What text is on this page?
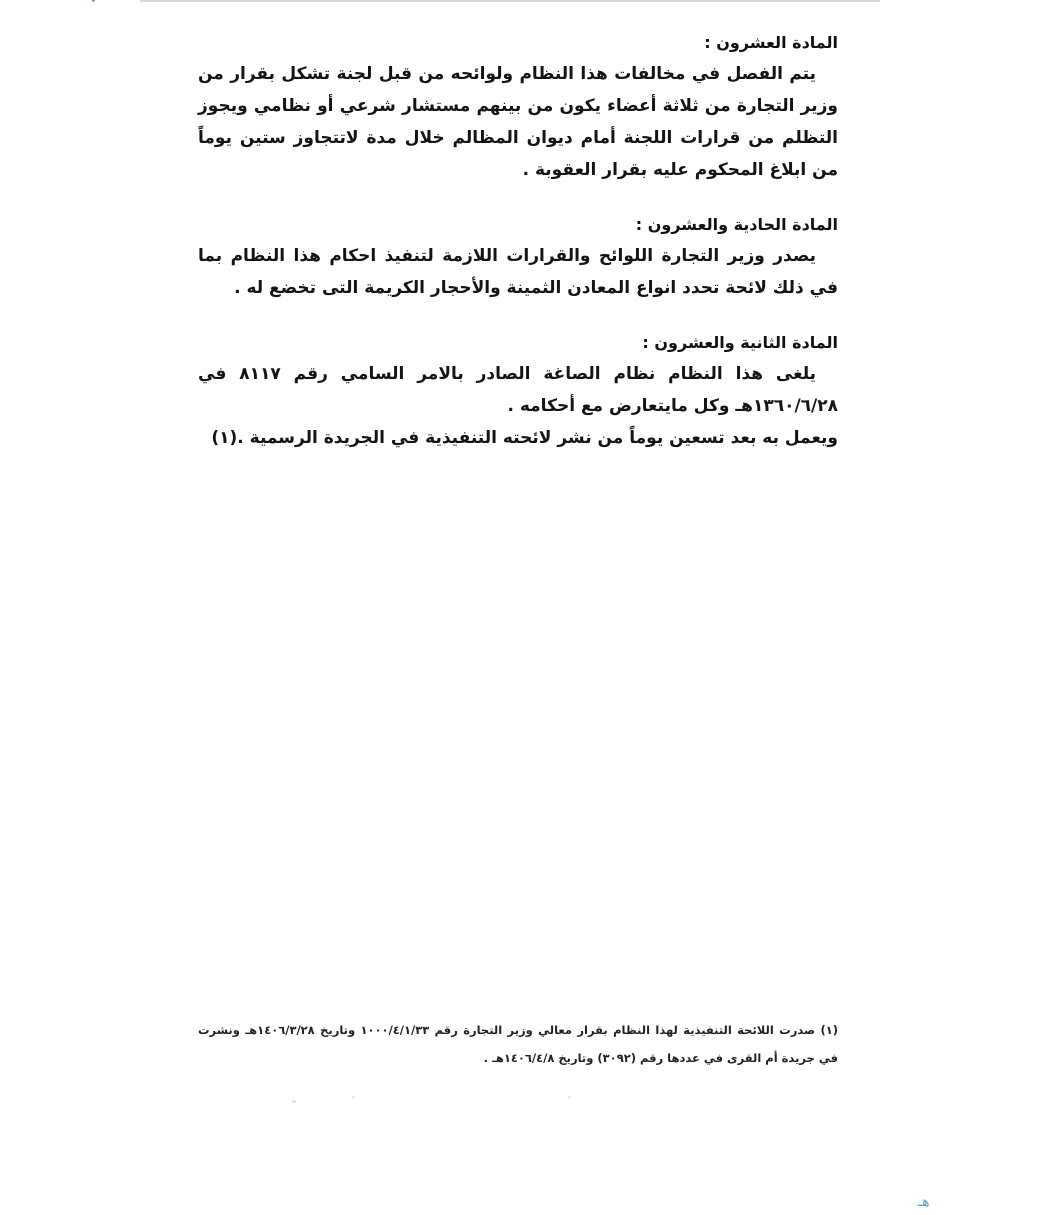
المادة العشرون :

يتم الفصل في مخالفات هذا النظام ولوائحه من قبل لجنة تشكل بقرار من وزير التجارة من ثلاثة أعضاء يكون من بينهم مستشار شرعي أو نظامي ويجوز التظلم من قرارات اللجنة أمام ديوان المظالم خلال مدة لاتتجاوز ستين يوماً من ابلاغ المحكوم عليه بقرار العقوبة .

المادة الحادية والعشرون :

يصدر وزير التجارة اللوائح والقرارات اللازمة لتنفيذ احكام هذا النظام بما في ذلك لائحة تحدد انواع المعادن الثمينة والأحجار الكريمة التى تخضع له .

المادة الثانية والعشرون :

يلغى هذا النظام نظام الصاغة الصادر بالامر السامي رقم ٨١١٧ في ١٣٦٠/٦/٢٨هـ وكل مايتعارض مع أحكامه .

ويعمل به بعد تسعين يوماً من نشر لائحته التنفيذية في الجريدة الرسمية .(١)

(١) صدرت اللائحة التنفيذية لهذا النظام بقرار معالي وزير التجارة رقم ١٠٠٠/٤/١/٣٣ وتاريخ ١٤٠٦/٣/٢٨هـ ونشرت في جريدة أم القرى في عددها رقم (٣٠٩٢) وتاريخ ١٤٠٦/٤/٨هـ .
هـ
